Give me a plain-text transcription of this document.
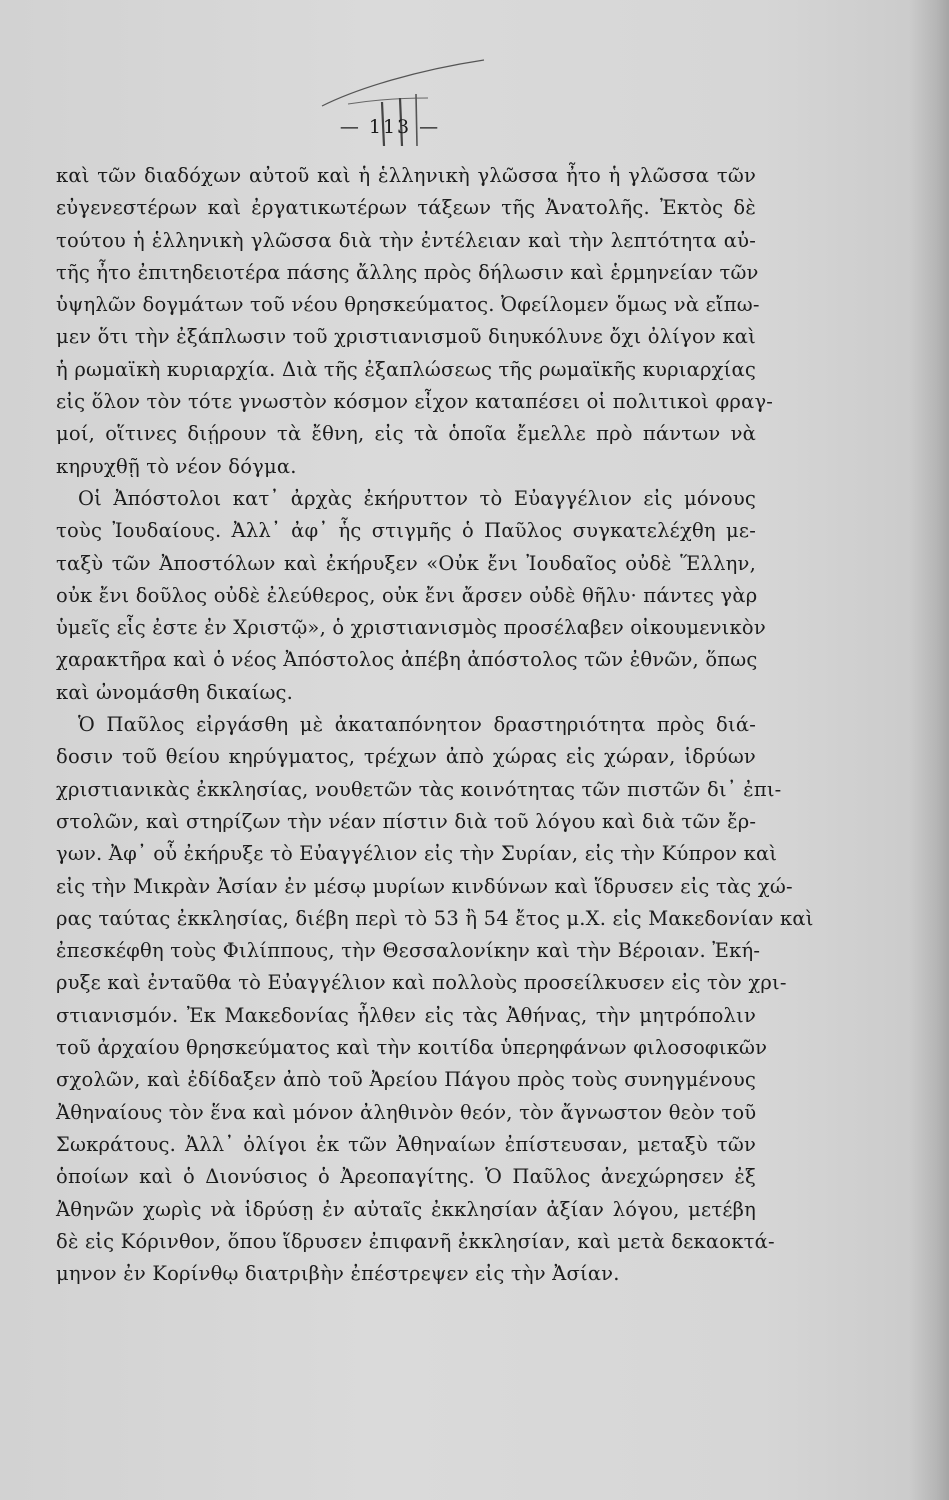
— 113 —
καὶ τῶν διαδόχων αὐτοῦ καὶ ἡ ἑλληνικὴ γλῶσσα ἦτο ἡ γλῶσσα τῶν
εὐγενεστέρων καὶ ἐργατικωτέρων τάξεων τῆς Ἀνατολῆς. Ἐκτὸς δὲ
τούτου ἡ ἑλληνικὴ γλῶσσα διὰ τὴν ἐντέλειαν καὶ τὴν λεπτότητα αὐ-
τῆς ἦτο ἐπιτηδειοτέρα πάσης ἄλλης πρὸς δήλωσιν καὶ ἑρμηνείαν τῶν
ὑψηλῶν δογμάτων τοῦ νέου θρησκεύματος. Ὀφείλομεν ὅμως νὰ εἴπω-
μεν ὅτι τὴν ἐξάπλωσιν τοῦ χριστιανισμοῦ διηυκόλυνε ὄχι ὀλίγον καὶ
ἡ ρωμαϊκὴ κυριαρχία. Διὰ τῆς ἐξαπλώσεως τῆς ρωμαϊκῆς κυριαρχίας
εἰς ὅλον τὸν τότε γνωστὸν κόσμον εἶχον καταπέσει οἱ πολιτικοὶ φραγ-
μοί, οἵτινες διῄρουν τὰ ἔθνη, εἰς τὰ ὁποῖα ἔμελλε πρὸ πάντων νὰ
κηρυχθῇ τὸ νέον δόγμα.
Οἱ Ἀπόστολοι κατ᾽ ἀρχὰς ἐκήρυττον τὸ Εὐαγγέλιον εἰς μόνους
τοὺς Ἰουδαίους. Ἀλλ᾽ ἀφ᾽ ἧς στιγμῆς ὁ Παῦλος συγκατελέχθη με-
ταξὺ τῶν Ἀποστόλων καὶ ἐκήρυξεν «Οὐκ ἔνι Ἰουδαῖος οὐδὲ Ἕλλην,
οὐκ ἔνι δοῦλος οὐδὲ ἐλεύθερος, οὐκ ἔνι ἄρσεν οὐδὲ θῆλυ· πάντες γὰρ
ὑμεῖς εἷς ἐστε ἐν Χριστῷ», ὁ χριστιανισμὸς προσέλαβεν οἰκουμενικὸν
χαρακτῆρα καὶ ὁ νέος Ἀπόστολος ἀπέβη ἀπόστολος τῶν ἐθνῶν, ὅπως
καὶ ὠνομάσθη δικαίως.
Ὁ Παῦλος εἰργάσθη μὲ ἀκαταπόνητον δραστηριότητα πρὸς διά-
δοσιν τοῦ θείου κηρύγματος, τρέχων ἀπὸ χώρας εἰς χώραν, ἱδρύων
χριστιανικὰς ἐκκλησίας, νουθετῶν τὰς κοινότητας τῶν πιστῶν δι᾽ ἐπι-
στολῶν, καὶ στηρίζων τὴν νέαν πίστιν διὰ τοῦ λόγου καὶ διὰ τῶν ἔρ-
γων. Ἀφ᾽ οὗ ἐκήρυξε τὸ Εὐαγγέλιον εἰς τὴν Συρίαν, εἰς τὴν Κύπρον καὶ
εἰς τὴν Μικρὰν Ἀσίαν ἐν μέσῳ μυρίων κινδύνων καὶ ἵδρυσεν εἰς τὰς χώ-
ρας ταύτας ἐκκλησίας, διέβη περὶ τὸ 53 ἢ 54 ἔτος μ.Χ. εἰς Μακεδονίαν καὶ
ἐπεσκέφθη τοὺς Φιλίππους, τὴν Θεσσαλονίκην καὶ τὴν Βέροιαν. Ἐκή-
ρυξε καὶ ἐνταῦθα τὸ Εὐαγγέλιον καὶ πολλοὺς προσείλκυσεν εἰς τὸν χρι-
στιανισμόν. Ἐκ Μακεδονίας ἦλθεν εἰς τὰς Ἀθήνας, τὴν μητρόπολιν
τοῦ ἀρχαίου θρησκεύματος καὶ τὴν κοιτίδα ὑπερηφάνων φιλοσοφικῶν
σχολῶν, καὶ ἐδίδαξεν ἀπὸ τοῦ Ἀρείου Πάγου πρὸς τοὺς συνηγμένους
Ἀθηναίους τὸν ἕνα καὶ μόνον ἀληθινὸν θεόν, τὸν ἄγνωστον θεὸν τοῦ
Σωκράτους. Ἀλλ᾽ ὀλίγοι ἐκ τῶν Ἀθηναίων ἐπίστευσαν, μεταξὺ τῶν
ὁποίων καὶ ὁ Διονύσιος ὁ Ἀρεοπαγίτης. Ὁ Παῦλος ἀνεχώρησεν ἐξ
Ἀθηνῶν χωρὶς νὰ ἱδρύσῃ ἐν αὐταῖς ἐκκλησίαν ἀξίαν λόγου, μετέβη
δὲ εἰς Κόρινθον, ὅπου ἵδρυσεν ἐπιφανῆ ἐκκλησίαν, καὶ μετὰ δεκαοκτά-
μηνον ἐν Κορίνθῳ διατριβὴν ἐπέστρεψεν εἰς τὴν Ἀσίαν.
